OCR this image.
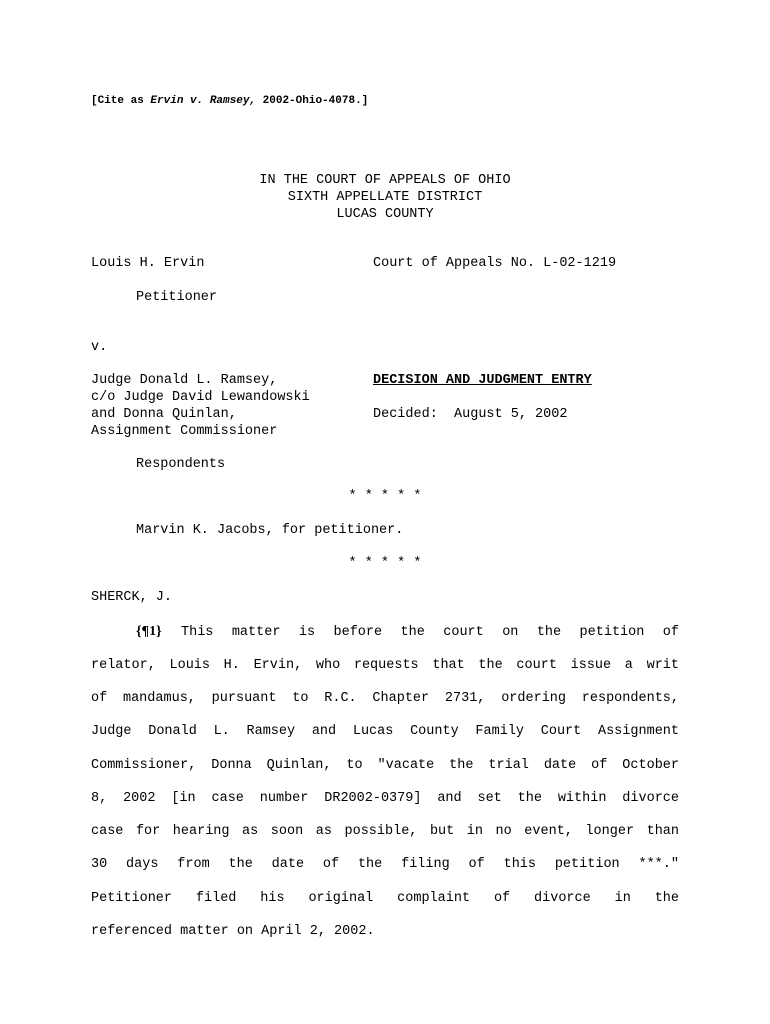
[Cite as Ervin v. Ramsey, 2002-Ohio-4078.]
IN THE COURT OF APPEALS OF OHIO
SIXTH APPELLATE DISTRICT
LUCAS COUNTY
Louis H. Ervin	Court of Appeals No. L-02-1219
Petitioner
v.
Judge Donald L. Ramsey,
c/o Judge David Lewandowski
and Donna Quinlan,
Assignment Commissioner
DECISION AND JUDGMENT ENTRY
Decided:  August 5, 2002
Respondents
* * * * *
Marvin K. Jacobs, for petitioner.
* * * * *
SHERCK, J.
{¶1} This matter is before the court on the petition of
relator, Louis H. Ervin, who requests that the court issue a writ
of mandamus, pursuant to R.C. Chapter 2731, ordering respondents,
Judge Donald L. Ramsey and Lucas County Family Court Assignment
Commissioner, Donna Quinlan, to "vacate the trial date of October
8, 2002 [in case number DR2002-0379] and set the within divorce
case for hearing as soon as possible, but in no event, longer than
30 days from the date of the filing of this petition ***."
Petitioner filed his original complaint of divorce in the
referenced matter on April 2, 2002.
